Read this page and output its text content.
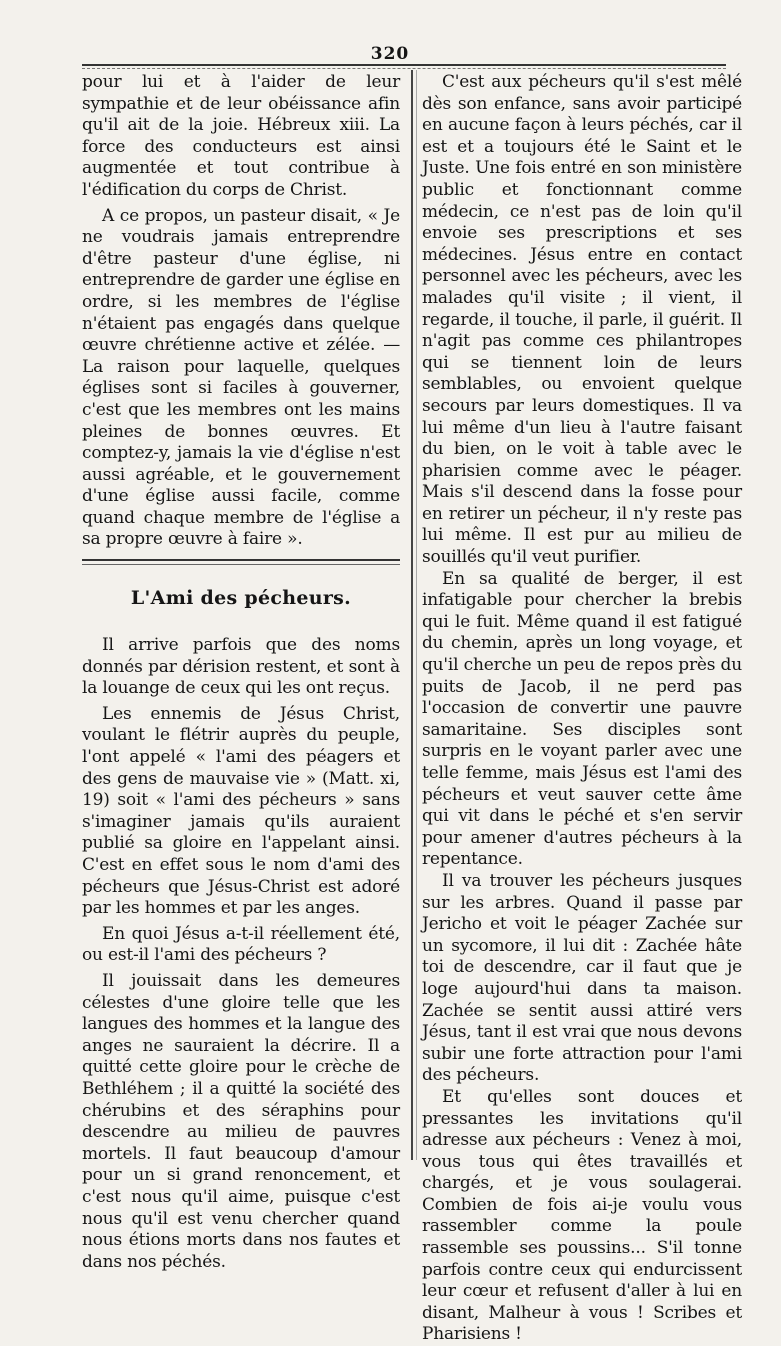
320

pour lui et à l'aider de leur sympathie et de leur obéissance afin qu'il ait de la joie. Hébreux xiii. La force des conducteurs est ainsi augmentée et tout contribue à l'édification du corps de Christ.

A ce propos, un pasteur disait, « Je ne voudrais jamais entreprendre d'être pasteur d'une église, ni entreprendre de garder une église en ordre, si les membres de l'église n'étaient pas engagés dans quelque œuvre chrétienne active et zélée. — La raison pour laquelle, quelques églises sont si faciles à gouverner, c'est que les membres ont les mains pleines de bonnes œuvres. Et comptez-y, jamais la vie d'église n'est aussi agréable, et le gouvernement d'une église aussi facile, comme quand chaque membre de l'église a sa propre œuvre à faire ».

L'Ami des pécheurs.

Il arrive parfois que des noms donnés par dérision restent, et sont à la louange de ceux qui les ont reçus.

Les ennemis de Jésus Christ, voulant le flétrir auprès du peuple, l'ont appelé « l'ami des péagers et des gens de mauvaise vie » (Matt. xi, 19) soit « l'ami des pécheurs » sans s'imaginer jamais qu'ils auraient publié sa gloire en l'appelant ainsi. C'est en effet sous le nom d'ami des pécheurs que Jésus-Christ est adoré par les hommes et par les anges.

En quoi Jésus a-t-il réellement été, ou est-il l'ami des pécheurs ?

Il jouissait dans les demeures célestes d'une gloire telle que les langues des hommes et la langue des anges ne sauraient la décrire. Il a quitté cette gloire pour le crèche de Bethléhem ; il a quitté la société des chérubins et des séraphins pour descendre au milieu de pauvres mortels. Il faut beaucoup d'amour pour un si grand renoncement, et c'est nous qu'il aime, puisque c'est nous qu'il est venu chercher quand nous étions morts dans nos fautes et dans nos péchés.

C'est aux pécheurs qu'il s'est mêlé dès son enfance, sans avoir participé en aucune façon à leurs péchés, car il est et a toujours été le Saint et le Juste. Une fois entré en son ministère public et fonctionnant comme médecin, ce n'est pas de loin qu'il envoie ses prescriptions et ses médecines. Jésus entre en contact personnel avec les pécheurs, avec les malades qu'il visite ; il vient, il regarde, il touche, il parle, il guérit. Il n'agit pas comme ces philantropes qui se tiennent loin de leurs semblables, ou envoient quelque secours par leurs domestiques. Il va lui même d'un lieu à l'autre faisant du bien, on le voit à table avec le pharisien comme avec le péager. Mais s'il descend dans la fosse pour en retirer un pécheur, il n'y reste pas lui même. Il est pur au milieu de souillés qu'il veut purifier.

En sa qualité de berger, il est infatigable pour chercher la brebis qui le fuit. Même quand il est fatigué du chemin, après un long voyage, et qu'il cherche un peu de repos près du puits de Jacob, il ne perd pas l'occasion de convertir une pauvre samaritaine. Ses disciples sont surpris en le voyant parler avec une telle femme, mais Jésus est l'ami des pécheurs et veut sauver cette âme qui vit dans le péché et s'en servir pour amener d'autres pécheurs à la repentance.

Il va trouver les pécheurs jusques sur les arbres. Quand il passe par Jericho et voit le péager Zachée sur un sycomore, il lui dit : Zachée hâte toi de descendre, car il faut que je loge aujourd'hui dans ta maison. Zachée se sentit aussi attiré vers Jésus, tant il est vrai que nous devons subir une forte attraction pour l'ami des pécheurs.

Et qu'elles sont douces et pressantes les invitations qu'il adresse aux pécheurs : Venez à moi, vous tous qui êtes travaillés et chargés, et je vous soulagerai. Combien de fois ai-je voulu vous rassembler comme la poule rassemble ses poussins... S'il tonne parfois contre ceux qui endurcissent leur cœur et refusent d'aller à lui en disant, Malheur à vous ! Scribes et Pharisiens !
